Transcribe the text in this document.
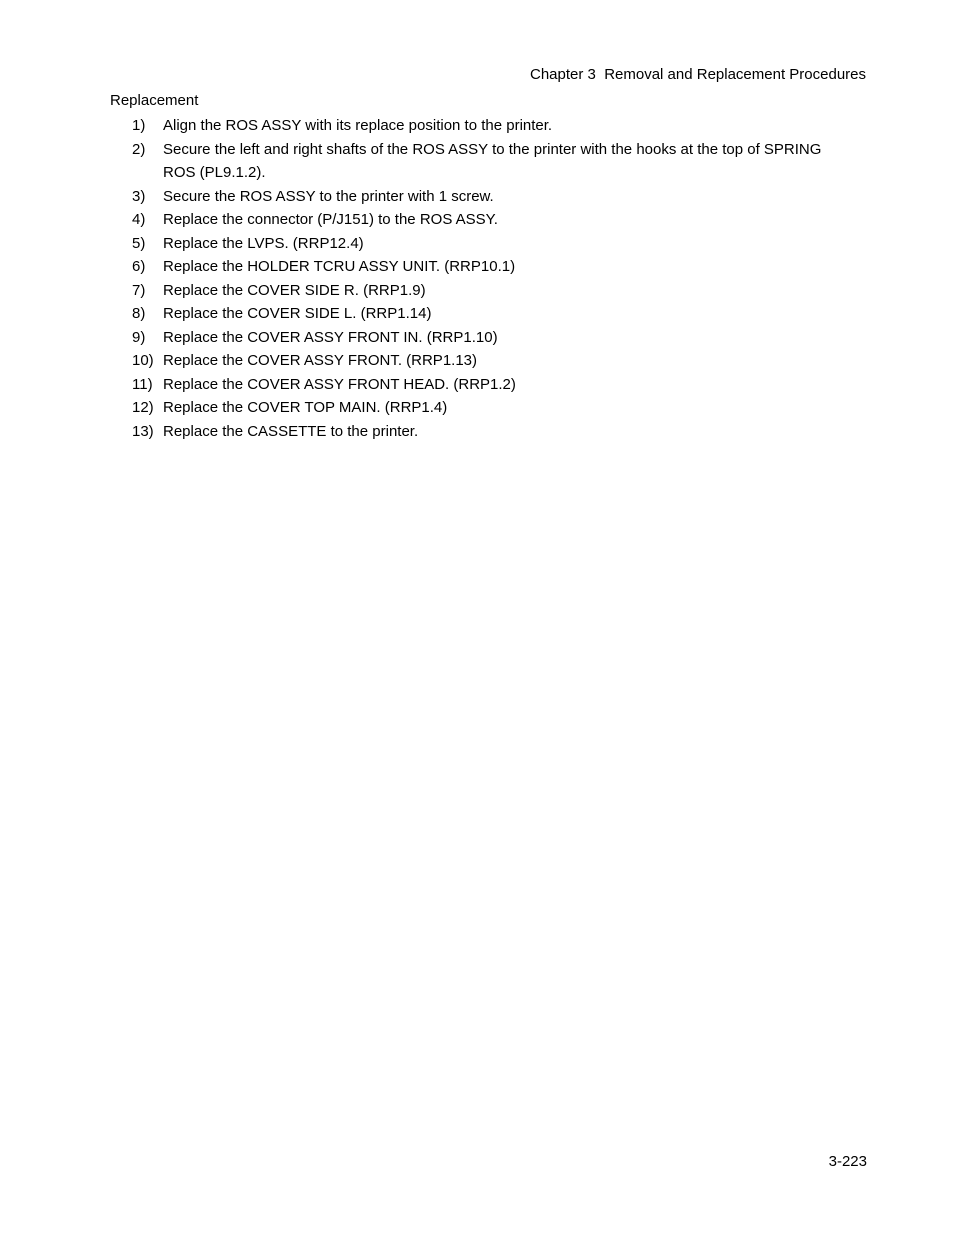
Chapter 3  Removal and Replacement Procedures
Replacement
1) Align the ROS ASSY with its replace position to the printer.
2) Secure the left and right shafts of the ROS ASSY to the printer with the hooks at the top of SPRING ROS (PL9.1.2).
3) Secure the ROS ASSY to the printer with 1 screw.
4) Replace the connector (P/J151) to the ROS ASSY.
5) Replace the LVPS. (RRP12.4)
6) Replace the HOLDER TCRU ASSY UNIT. (RRP10.1)
7) Replace the COVER SIDE R. (RRP1.9)
8) Replace the COVER SIDE L. (RRP1.14)
9) Replace the COVER ASSY FRONT IN. (RRP1.10)
10) Replace the COVER ASSY FRONT. (RRP1.13)
11) Replace the COVER ASSY FRONT HEAD. (RRP1.2)
12) Replace the COVER TOP MAIN. (RRP1.4)
13) Replace the CASSETTE to the printer.
3-223
